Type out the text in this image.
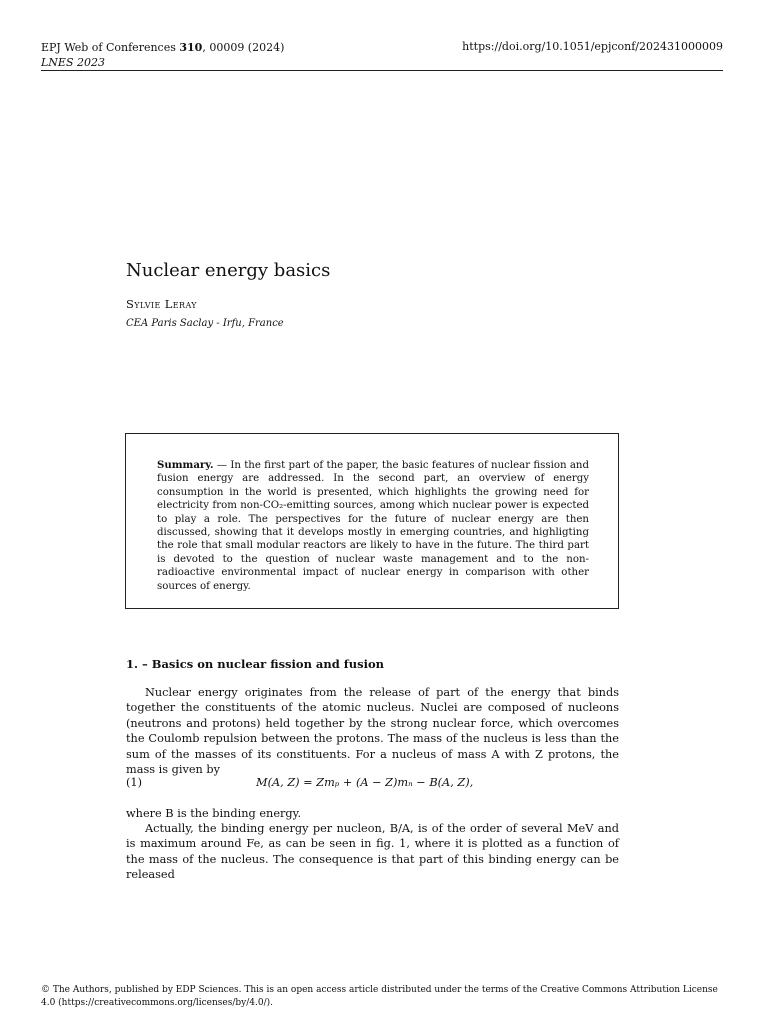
EPJ Web of Conferences 310, 00009 (2024)
LNES 2023
https://doi.org/10.1051/epjconf/202431000009
Nuclear energy basics
Sylvie Leray
CEA Paris Saclay - Irfu, France
Summary. — In the first part of the paper, the basic features of nuclear fission and fusion energy are addressed. In the second part, an overview of energy consumption in the world is presented, which highlights the growing need for electricity from non-CO₂-emitting sources, among which nuclear power is expected to play a role. The perspectives for the future of nuclear energy are then discussed, showing that it develops mostly in emerging countries, and highligting the role that small modular reactors are likely to have in the future. The third part is devoted to the question of nuclear waste management and to the non-radioactive environmental impact of nuclear energy in comparison with other sources of energy.
1. – Basics on nuclear fission and fusion
Nuclear energy originates from the release of part of the energy that binds together the constituents of the atomic nucleus. Nuclei are composed of nucleons (neutrons and protons) held together by the strong nuclear force, which overcomes the Coulomb repulsion between the protons. The mass of the nucleus is less than the sum of the masses of its constituents. For a nucleus of mass A with Z protons, the mass is given by
(1)	M(A, Z) = Zmₚ + (A − Z)mₙ − B(A, Z),
where B is the binding energy.
Actually, the binding energy per nucleon, B/A, is of the order of several MeV and is maximum around Fe, as can be seen in fig. 1, where it is plotted as a function of the mass of the nucleus. The consequence is that part of this binding energy can be released
© The Authors, published by EDP Sciences. This is an open access article distributed under the terms of the Creative Commons Attribution License 4.0 (https://creativecommons.org/licenses/by/4.0/).
